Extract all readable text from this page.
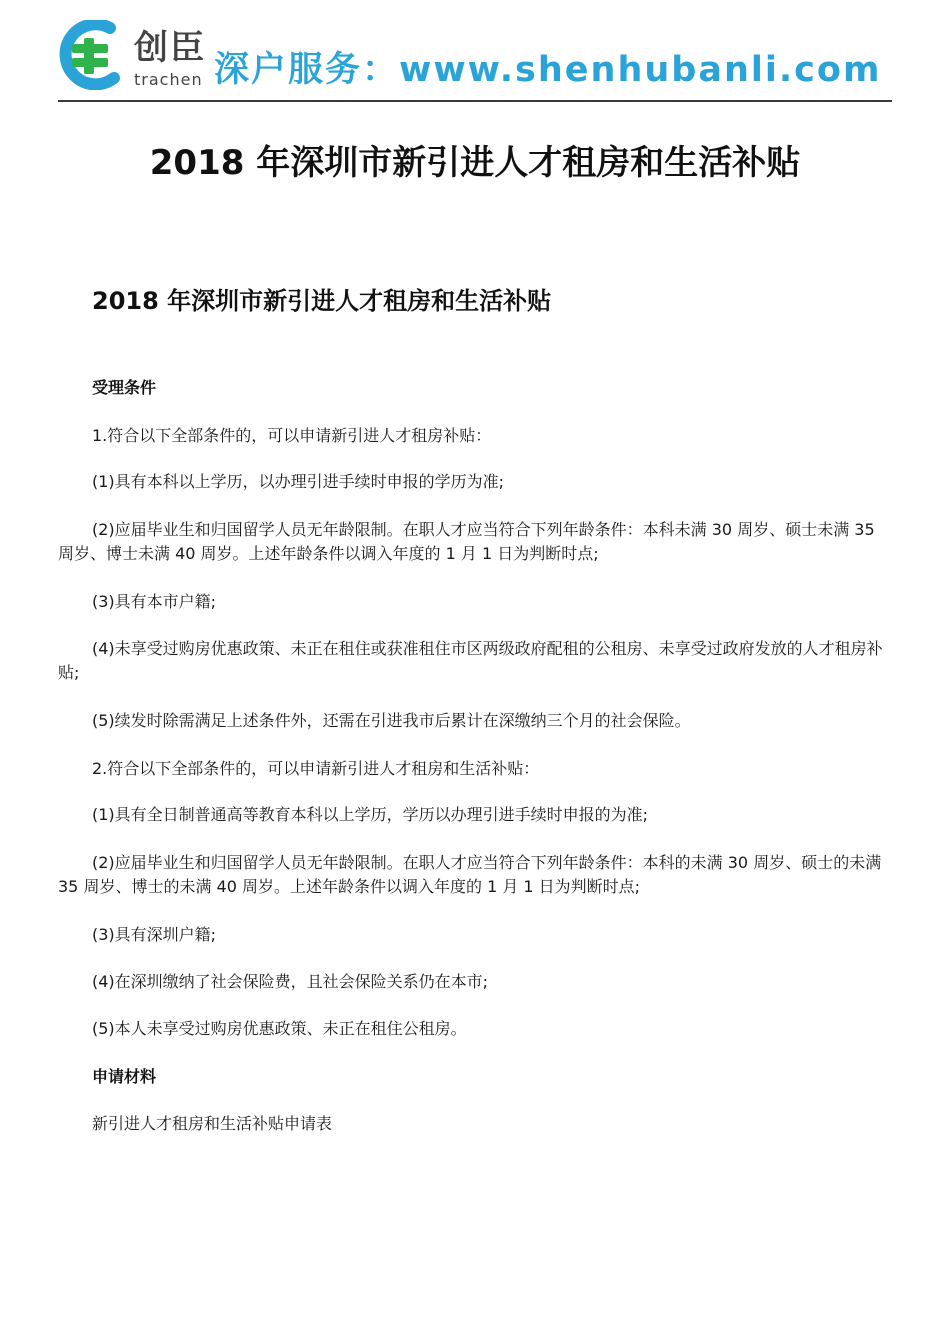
创臣
trachen 深户服务：www.shenhubanli.com
2018 年深圳市新引进人才租房和生活补贴
2018 年深圳市新引进人才租房和生活补贴
受理条件
1.符合以下全部条件的，可以申请新引进人才租房补贴：
(1)具有本科以上学历，以办理引进手续时申报的学历为准;
(2)应届毕业生和归国留学人员无年龄限制。在职人才应当符合下列年龄条件：本科未满 30 周岁、硕士未满 35 周岁、博士未满 40 周岁。上述年龄条件以调入年度的 1 月 1 日为判断时点;
(3)具有本市户籍;
(4)未享受过购房优惠政策、未正在租住或获准租住市区两级政府配租的公租房、未享受过政府发放的人才租房补贴;
(5)续发时除需满足上述条件外，还需在引进我市后累计在深缴纳三个月的社会保险。
2.符合以下全部条件的，可以申请新引进人才租房和生活补贴：
(1)具有全日制普通高等教育本科以上学历，学历以办理引进手续时申报的为准;
(2)应届毕业生和归国留学人员无年龄限制。在职人才应当符合下列年龄条件：本科的未满 30 周岁、硕士的未满 35 周岁、博士的未满 40 周岁。上述年龄条件以调入年度的 1 月 1 日为判断时点;
(3)具有深圳户籍;
(4)在深圳缴纳了社会保险费，且社会保险关系仍在本市;
(5)本人未享受过购房优惠政策、未正在租住公租房。
申请材料
新引进人才租房和生活补贴申请表
